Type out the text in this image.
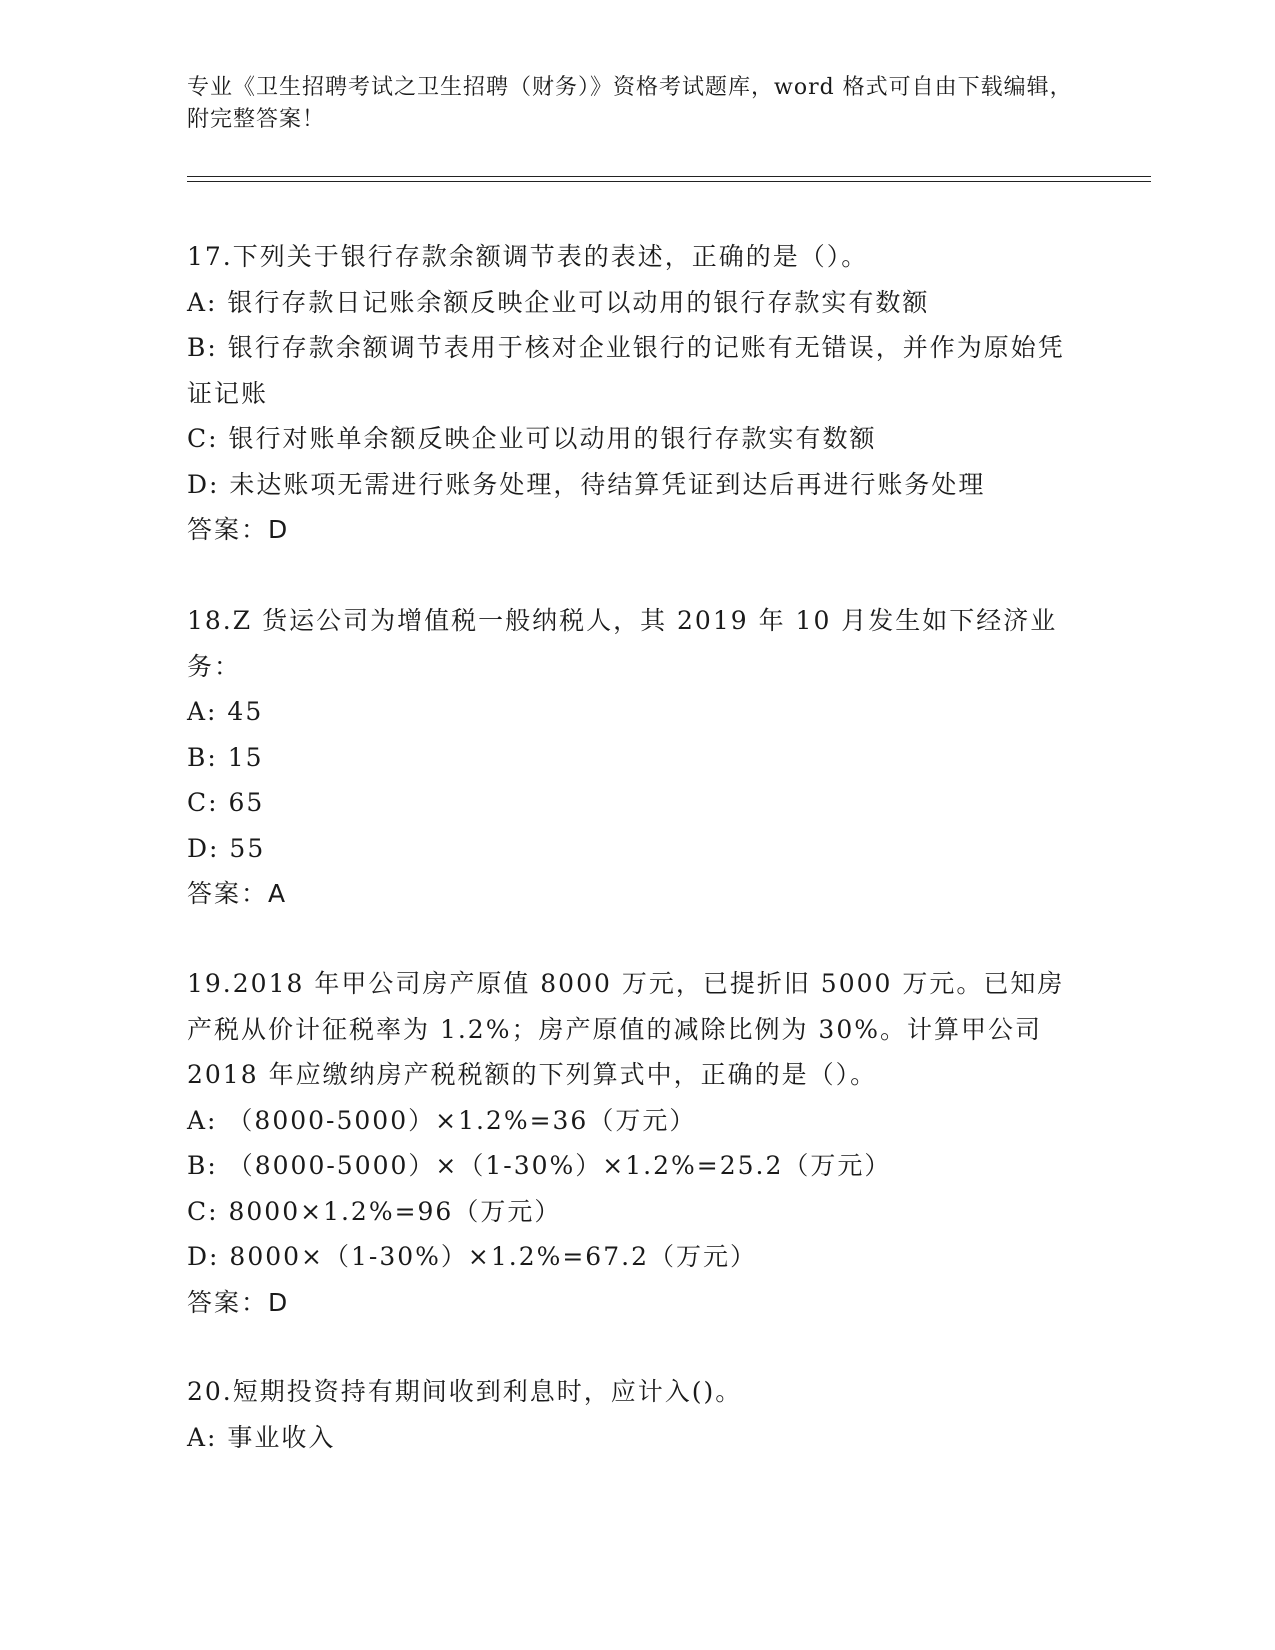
专业《卫生招聘考试之卫生招聘（财务）》资格考试题库，word 格式可自由下载编辑，附完整答案！
17.下列关于银行存款余额调节表的表述，正确的是（）。
A: 银行存款日记账余额反映企业可以动用的银行存款实有数额
B: 银行存款余额调节表用于核对企业银行的记账有无错误，并作为原始凭证记账
C: 银行对账单余额反映企业可以动用的银行存款实有数额
D: 未达账项无需进行账务处理，待结算凭证到达后再进行账务处理
答案：D
18.Z 货运公司为增值税一般纳税人，其 2019 年 10 月发生如下经济业务：
A: 45
B: 15
C: 65
D: 55
答案：A
19.2018 年甲公司房产原值 8000 万元，已提折旧 5000 万元。已知房产税从价计征税率为 1.2%；房产原值的减除比例为 30%。计算甲公司 2018 年应缴纳房产税税额的下列算式中，正确的是（）。
A: （8000-5000）×1.2%=36（万元）
B: （8000-5000）×（1-30%）×1.2%=25.2（万元）
C: 8000×1.2%=96（万元）
D: 8000×（1-30%）×1.2%=67.2（万元）
答案：D
20.短期投资持有期间收到利息时，应计入()。
A: 事业收入
